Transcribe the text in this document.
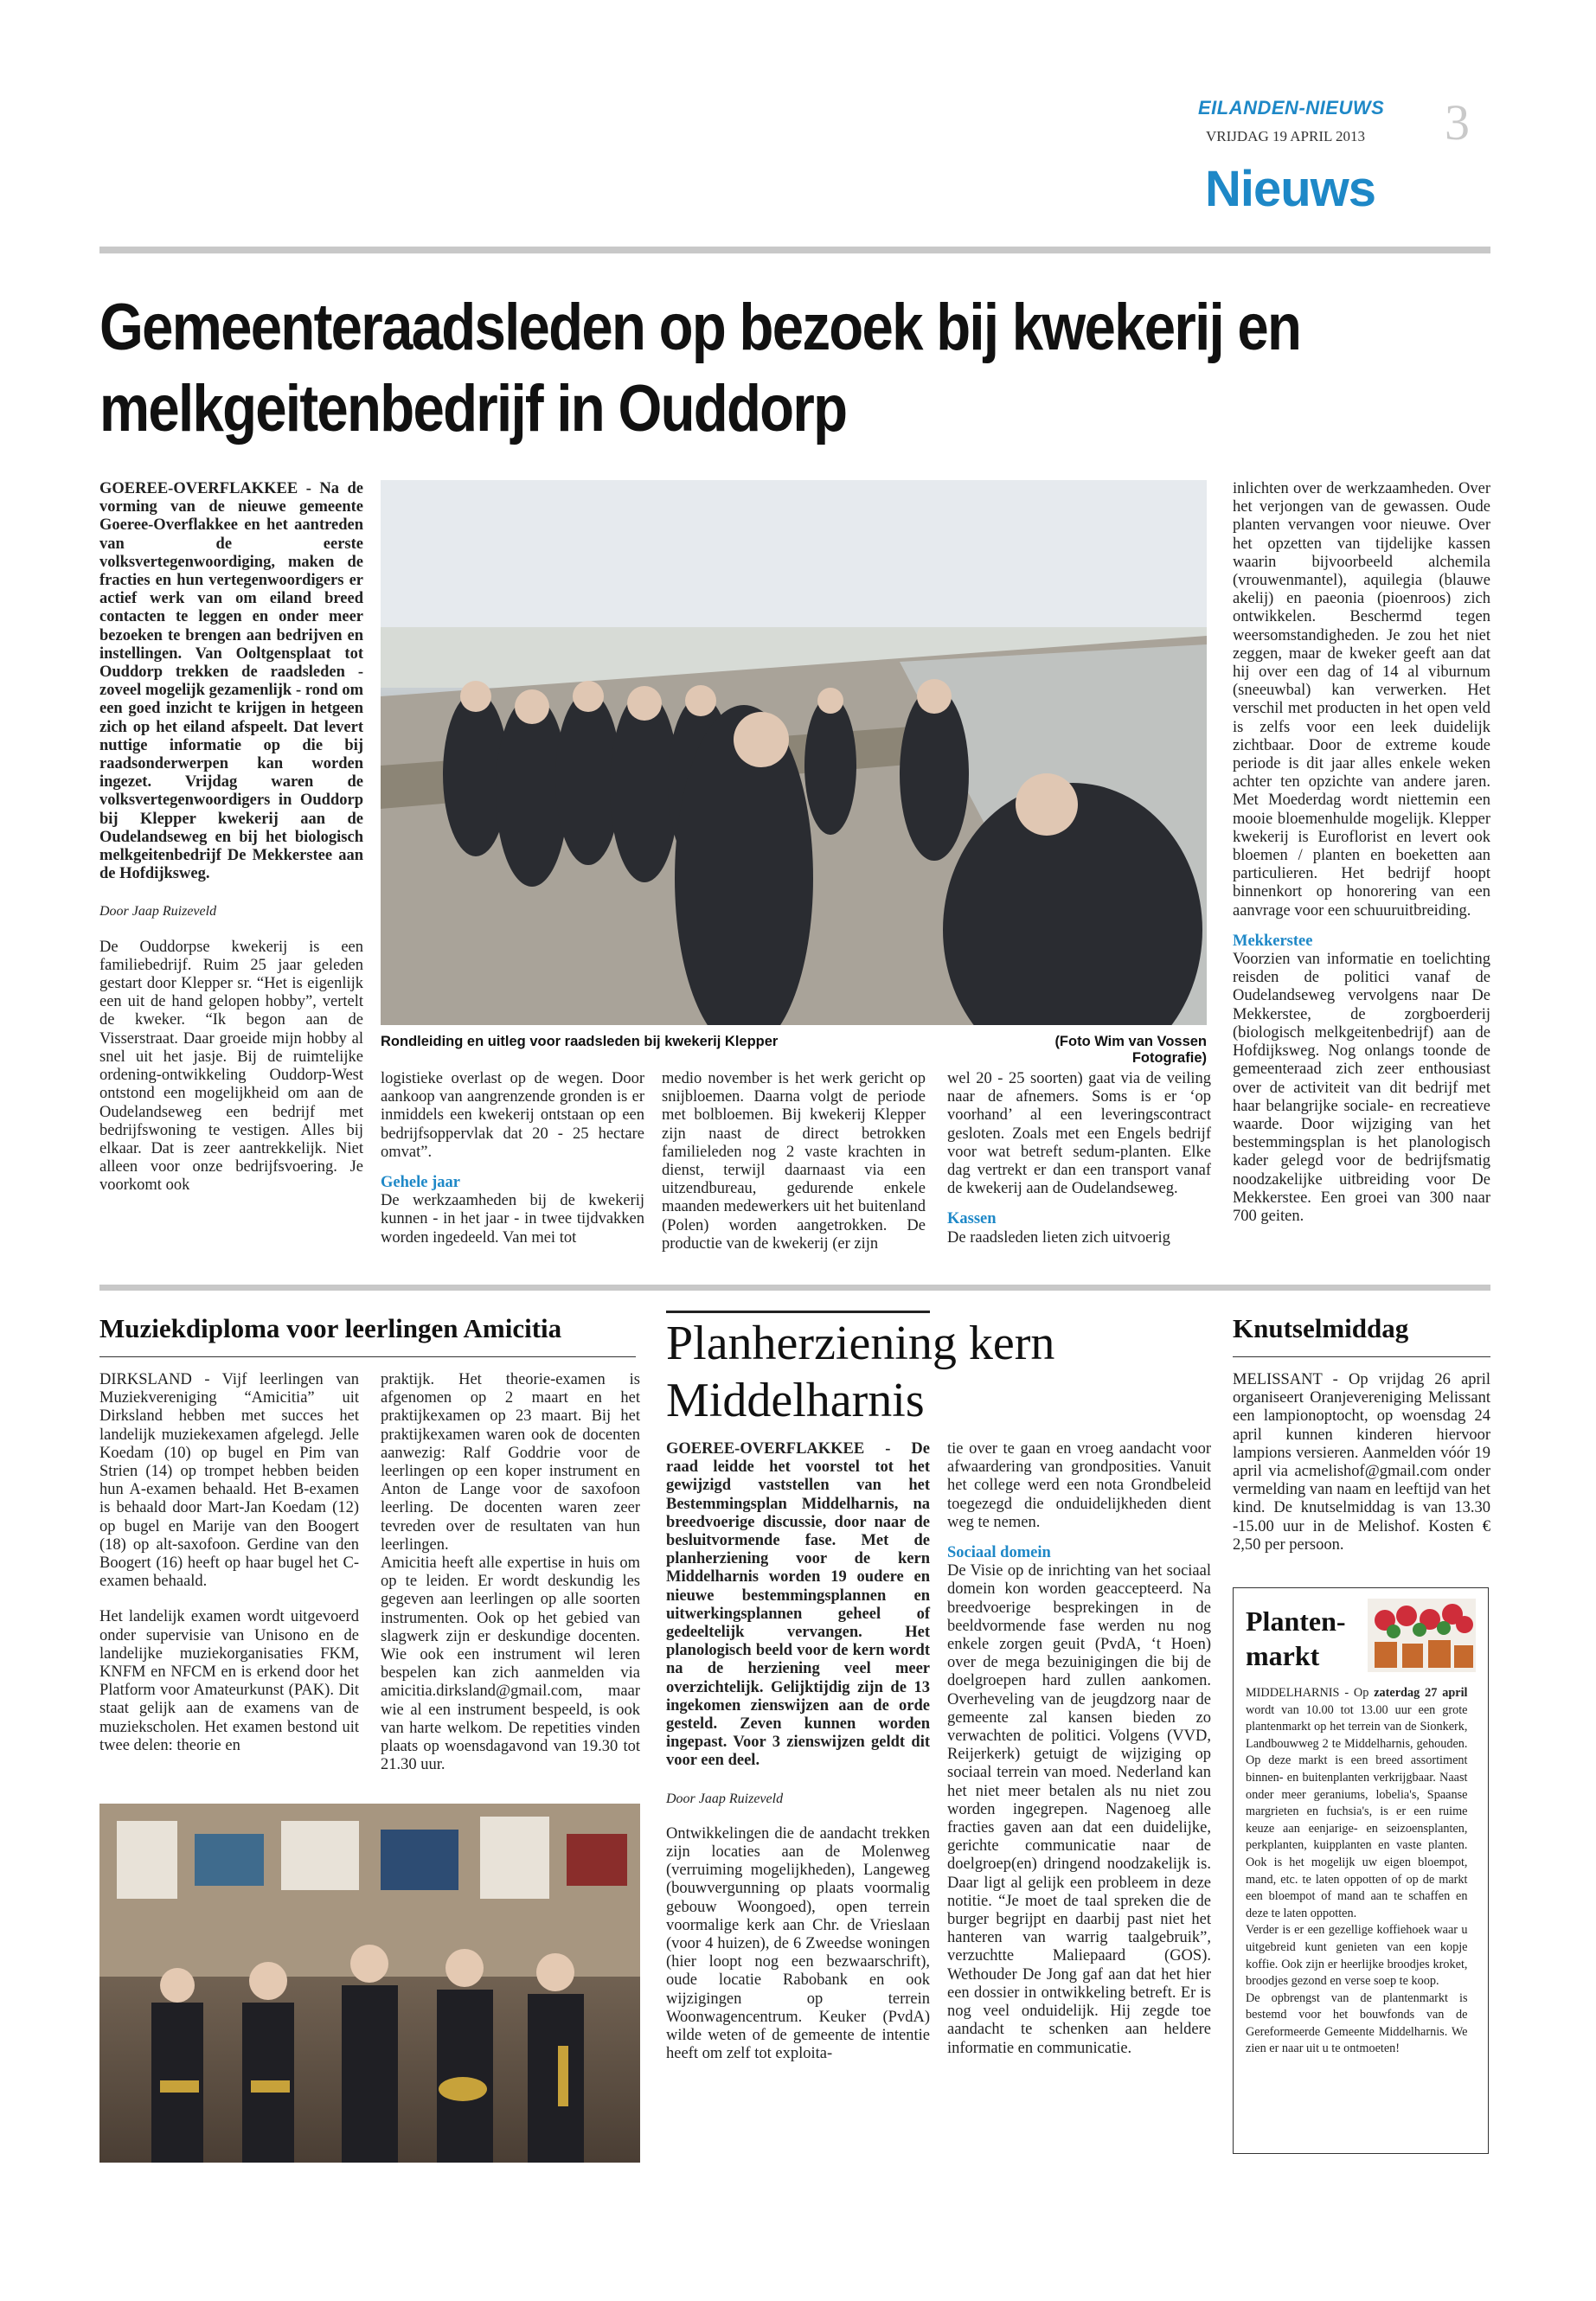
EILANDEN-NIEUWS
VRIJDAG 19 APRIL 2013	3
Nieuws
Gemeenteraadsleden op bezoek bij kwekerij en
melkgeitenbedrijf in Ouddorp

GOEREE-OVERFLAKKEE - Na de vorming van de nieuwe gemeente Goeree-Overflakkee en het aantreden van de eerste volksvertegenwoordiging, maken de fracties en hun vertegenwoordigers er actief werk van om eiland breed contacten te leggen en onder meer bezoeken te brengen aan bedrijven en instellingen. Van Ooltgensplaat tot Ouddorp trekken de raadsleden - zoveel mogelijk gezamenlijk - rond om een goed inzicht te krijgen in hetgeen zich op het eiland afspeelt. Dat levert nuttige informatie op die bij raadsonderwerpen kan worden ingezet. Vrijdag waren de volksvertegenwoordigers in Ouddorp bij Klepper kwekerij aan de Oudelandseweg en bij het biologisch melkgeitenbedrijf De Mekkerstee aan de Hofdijksweg.

Door Jaap Ruizeveld

De Ouddorpse kwekerij is een familiebedrijf. Ruim 25 jaar geleden gestart door Klepper sr. “Het is eigenlijk een uit de hand gelopen hobby”, vertelt de kweker. “Ik begon aan de Visserstraat. Daar groeide mijn hobby al snel uit het jasje. Bij de ruimtelijke ordening-ontwikkeling Ouddorp-West ontstond een mogelijkheid om aan de Oudelandseweg een bedrijf met bedrijfswoning te vestigen. Alles bij elkaar. Dat is zeer aantrekkelijk. Niet alleen voor onze bedrijfsvoering. Je voorkomt ook

Rondleiding en uitleg voor raadsleden bij kwekerij Klepper	(Foto Wim van Vossen Fotografie)

logistieke overlast op de wegen. Door aankoop van aangrenzende gronden is er inmiddels een kwekerij ontstaan op een bedrijfsoppervlak dat 20 - 25 hectare omvat”.

Gehele jaar

De werkzaamheden bij de kwekerij kunnen - in het jaar - in twee tijdvakken worden ingedeeld. Van mei tot

medio november is het werk gericht op snijbloemen. Daarna volgt de periode met bolbloemen. Bij kwekerij Klepper zijn naast de direct betrokken familieleden nog 2 vaste krachten in dienst, terwijl daarnaast via een uitzendbureau, gedurende enkele maanden medewerkers uit het buitenland (Polen) worden aangetrokken. De productie van de kwekerij (er zijn

wel 20 - 25 soorten) gaat via de veiling naar de afnemers. Soms is er ‘op voorhand’ al een leveringscontract gesloten. Zoals met een Engels bedrijf voor wat betreft sedum-planten. Elke dag vertrekt er dan een transport vanaf de kwekerij aan de Oudelandseweg.

Kassen

De raadsleden lieten zich uitvoerig

inlichten over de werkzaamheden. Over het verjongen van de gewassen. Oude planten vervangen voor nieuwe. Over het opzetten van tijdelijke kassen waarin bijvoorbeeld alchemila (vrouwenmantel), aquilegia (blauwe akelij) en paeonia (pioenroos) zich ontwikkelen. Beschermd tegen weersomstandigheden. Je zou het niet zeggen, maar de kweker geeft aan dat hij over een dag of 14 al viburnum (sneeuwbal) kan verwerken. Het verschil met producten in het open veld is zelfs voor een leek duidelijk zichtbaar. Door de extreme koude periode is dit jaar alles enkele weken achter ten opzichte van andere jaren. Met Moederdag wordt niettemin een mooie bloemenhulde mogelijk. Klepper kwekerij is Euroflorist en levert ook bloemen / planten en boeketten aan particulieren. Het bedrijf hoopt binnenkort op honorering van een aanvrage voor een schuuruitbreiding.

Mekkerstee

Voorzien van informatie en toelichting reisden de politici vanaf de Oudelandseweg vervolgens naar De Mekkerstee, de zorgboerderij (biologisch melkgeitenbedrijf) aan de Hofdijksweg. Nog onlangs toonde de gemeenteraad zich zeer enthousiast over de activiteit van dit bedrijf met haar belangrijke sociale- en recreatieve waarde. Door wijziging van het bestemmingsplan is het planologisch kader gelegd voor de bedrijfsmatig noodzakelijke uitbreiding voor De Mekkerstee. Een groei van 300 naar 700 geiten.

Muziekdiploma voor leerlingen Amicitia

DIRKSLAND - Vijf leerlingen van Muziekvereniging “Amicitia” uit Dirksland hebben met succes het landelijk muziekexamen afgelegd. Jelle Koedam (10) op bugel en Pim van Strien (14) op trompet hebben beiden hun A-examen behaald. Het B-examen is behaald door Mart-Jan Koedam (12) op bugel en Marije van den Boogert (18) op alt-saxofoon. Gerdine van den Boogert (16) heeft op haar bugel het C-examen behaald.

Het landelijk examen wordt uitgevoerd onder supervisie van Unisono en de landelijke muziekorganisaties FKM, KNFM en NFCM en is erkend door het Platform voor Amateurkunst (PAK). Dit staat gelijk aan de examens van de muziekscholen. Het examen bestond uit twee delen: theorie en

praktijk. Het theorie-examen is afgenomen op 2 maart en het praktijkexamen op 23 maart. Bij het praktijkexamen waren ook de docenten aanwezig: Ralf Goddrie voor de leerlingen op een koper instrument en Anton de Lange voor de saxofoon leerling. De docenten waren zeer tevreden over de resultaten van hun leerlingen.

Amicitia heeft alle expertise in huis om op te leiden. Er wordt deskundig les gegeven aan leerlingen op alle soorten instrumenten. Ook op het gebied van slagwerk zijn er deskundige docenten. Wie ook een instrument wil leren bespelen kan zich aanmelden via amicitia.dirksland@gmail.com, maar wie al een instrument bespeeld, is ook van harte welkom. De repetities vinden plaats op woensdagavond van 19.30 tot 21.30 uur.

Planherziening kern
Middelharnis

GOEREE-OVERFLAKKEE - De raad leidde het voorstel tot het gewijzigd vaststellen van het Bestemmingsplan Middelharnis, na breedvoerige discussie, door naar de besluitvormende fase. Met de planherziening voor de kern Middelharnis worden 19 oudere en nieuwe bestemmingsplannen en uitwerkingsplannen geheel of gedeeltelijk vervangen. Het planologisch beeld voor de kern wordt na de herziening veel meer overzichtelijk. Gelijktijdig zijn de 13 ingekomen zienswijzen aan de orde gesteld. Zeven kunnen worden ingepast. Voor 3 zienswijzen geldt dit voor een deel.

Door Jaap Ruizeveld

Ontwikkelingen die de aandacht trekken zijn locaties aan de Molenweg (verruiming mogelijkheden), Langeweg (bouwvergunning op plaats voormalig gebouw Woongoed), open terrein voormalige kerk aan Chr. de Vrieslaan (voor 4 huizen), de 6 Zweedse woningen (hier loopt nog een bezwaarschrift), oude locatie Rabobank en ook wijzigingen op terrein Woonwagencentrum. Keuker (PvdA) wilde weten of de gemeente de intentie heeft om zelf tot exploita-

tie over te gaan en vroeg aandacht voor afwaardering van grondposities. Vanuit het college werd een nota Grondbeleid toegezegd die onduidelijkheden dient weg te nemen.

Sociaal domein

De Visie op de inrichting van het sociaal domein kon worden geaccepteerd. Na breedvoerige besprekingen in de beeldvormende fase werden nu nog enkele zorgen geuit (PvdA, ‘t Hoen) over de mega bezuinigingen die bij de doelgroepen hard zullen aankomen. Overheveling van de jeugdzorg naar de gemeente zal kansen bieden zo verwachten de politici. Volgens (VVD, Reijerkerk) getuigt de wijziging op sociaal terrein van moed. Nederland kan het niet meer betalen als nu niet zou worden ingegrepen. Nagenoeg alle fracties gaven aan dat een duidelijke, gerichte communicatie naar de doelgroep(en) dringend noodzakelijk is. Daar ligt al gelijk een probleem in deze notitie. “Je moet de taal spreken die de burger begrijpt en daarbij past niet het hanteren van warrig taalgebruik”, verzuchtte Maliepaard (GOS). Wethouder De Jong gaf aan dat het hier een dossier in ontwikkeling betreft. Er is nog veel onduidelijk. Hij zegde toe aandacht te schenken aan heldere informatie en communicatie.

Knutselmiddag

MELISSANT - Op vrijdag 26 april organiseert Oranjevereniging Melissant een lampionoptocht, op woensdag 24 april kunnen kinderen hiervoor lampions versieren. Aanmelden vóór 19 april via acmelishof@gmail.com onder vermelding van naam en leeftijd van het kind. De knutselmiddag is van 13.30 -15.00 uur in de Melishof. Kosten € 2,50 per persoon.

Planten-
markt

MIDDELHARNIS - Op zaterdag 27 april wordt van 10.00 tot 13.00 uur een grote plantenmarkt op het terrein van de Sionkerk, Landbouwweg 2 te Middelharnis, gehouden. Op deze markt is een breed assortiment binnen- en buitenplanten verkrijgbaar. Naast onder meer geraniums, lobelia's, Spaanse margrieten en fuchsia's, is er een ruime keuze aan eenjarige- en seizoensplanten, perkplanten, kuipplanten en vaste planten. Ook is het mogelijk uw eigen bloempot, mand, etc. te laten oppotten of op de markt een bloempot of mand aan te schaffen en deze te laten oppotten.

Verder is er een gezellige koffiehoek waar u uitgebreid kunt genieten van een kopje koffie. Ook zijn er heerlijke broodjes kroket, broodjes gezond en verse soep te koop.

De opbrengst van de plantenmarkt is bestemd voor het bouwfonds van de Gereformeerde Gemeente Middelharnis. We zien er naar uit u te ontmoeten!
